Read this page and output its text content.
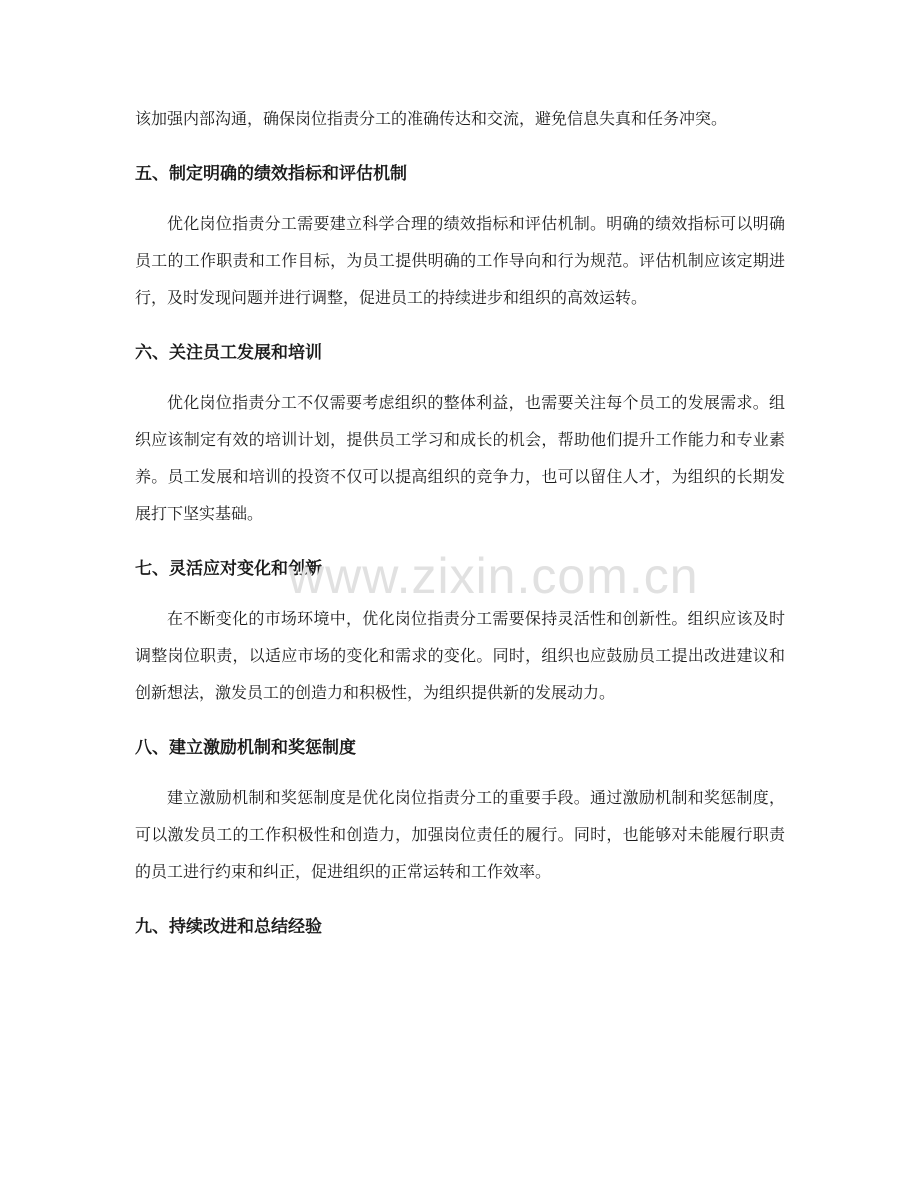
该加强内部沟通，确保岗位指责分工的准确传达和交流，避免信息失真和任务冲突。

五、制定明确的绩效指标和评估机制

优化岗位指责分工需要建立科学合理的绩效指标和评估机制。明确的绩效指标可以明确员工的工作职责和工作目标，为员工提供明确的工作导向和行为规范。评估机制应该定期进行，及时发现问题并进行调整，促进员工的持续进步和组织的高效运转。

六、关注员工发展和培训

优化岗位指责分工不仅需要考虑组织的整体利益，也需要关注每个员工的发展需求。组织应该制定有效的培训计划，提供员工学习和成长的机会，帮助他们提升工作能力和专业素养。员工发展和培训的投资不仅可以提高组织的竞争力，也可以留住人才，为组织的长期发展打下坚实基础。

七、灵活应对变化和创新

在不断变化的市场环境中，优化岗位指责分工需要保持灵活性和创新性。组织应该及时调整岗位职责，以适应市场的变化和需求的变化。同时，组织也应鼓励员工提出改进建议和创新想法，激发员工的创造力和积极性，为组织提供新的发展动力。

八、建立激励机制和奖惩制度

建立激励机制和奖惩制度是优化岗位指责分工的重要手段。通过激励机制和奖惩制度，可以激发员工的工作积极性和创造力，加强岗位责任的履行。同时，也能够对未能履行职责的员工进行约束和纠正，促进组织的正常运转和工作效率。

九、持续改进和总结经验
www.zixin.com.cn
